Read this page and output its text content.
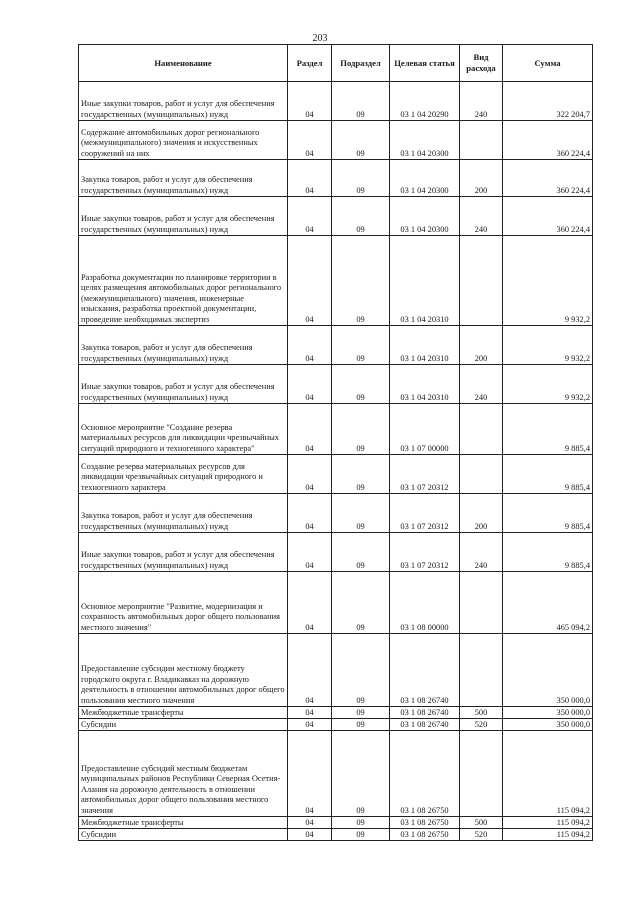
203
Наименование	Раздел	Подраздел	Целевая статья	Вид расхода	Сумма
Иные закупки товаров, работ и услуг для обеспечения государственных (муниципальных) нужд	04	09	03 1 04 20290	240	322 204,7
Содержание автомобильных дорог регионального (межмуниципального) значения и искусственных сооружений на них	04	09	03 1 04 20300		360 224,4
Закупка товаров, работ и услуг для обеспечения государственных (муниципальных) нужд	04	09	03 1 04 20300	200	360 224,4
Иные закупки товаров, работ и услуг для обеспечения государственных (муниципальных) нужд	04	09	03 1 04 20300	240	360 224,4
Разработка документации по планировке территории в целях размещения автомобильных дорог регионального (межмуниципального) значения, инженерные изыскания, разработка проектной документации, проведение необходимых экспертиз	04	09	03 1 04 20310		9 932,2
Закупка товаров, работ и услуг для обеспечения государственных (муниципальных) нужд	04	09	03 1 04 20310	200	9 932,2
Иные закупки товаров, работ и услуг для обеспечения государственных (муниципальных) нужд	04	09	03 1 04 20310	240	9 932,2
Основное мероприятие "Создание резерва материальных ресурсов для ликвидации чрезвычайных ситуаций природного и техногенного характера"	04	09	03 1 07 00000		9 885,4
Создание резерва материальных ресурсов для ликвидации чрезвычайных ситуаций природного и техногенного характера	04	09	03 1 07 20312		9 885,4
Закупка товаров, работ и услуг для обеспечения государственных (муниципальных) нужд	04	09	03 1 07 20312	200	9 885,4
Иные закупки товаров, работ и услуг для обеспечения государственных (муниципальных) нужд	04	09	03 1 07 20312	240	9 885,4
Основное мероприятие "Развитие, модернизация и сохранность автомобильных дорог общего пользования местного значения"	04	09	03 1 08 00000		465 094,2
Предоставление субсидии местному бюджету городского округа г. Владикавказ на дорожную деятельность в отношении автомобильных дорог общего пользования местного значения	04	09	03 1 08 26740		350 000,0
Межбюджетные трансферты	04	09	03 1 08 26740	500	350 000,0
Субсидии	04	09	03 1 08 26740	520	350 000,0
Предоставление субсидий местным бюджетам муниципальных районов Республики Северная Осетия-Алания на дорожную деятельность в отношении автомобильных дорог общего пользования местного значения	04	09	03 1 08 26750		115 094,2
Межбюджетные трансферты	04	09	03 1 08 26750	500	115 094,2
Субсидии	04	09	03 1 08 26750	520	115 094,2
